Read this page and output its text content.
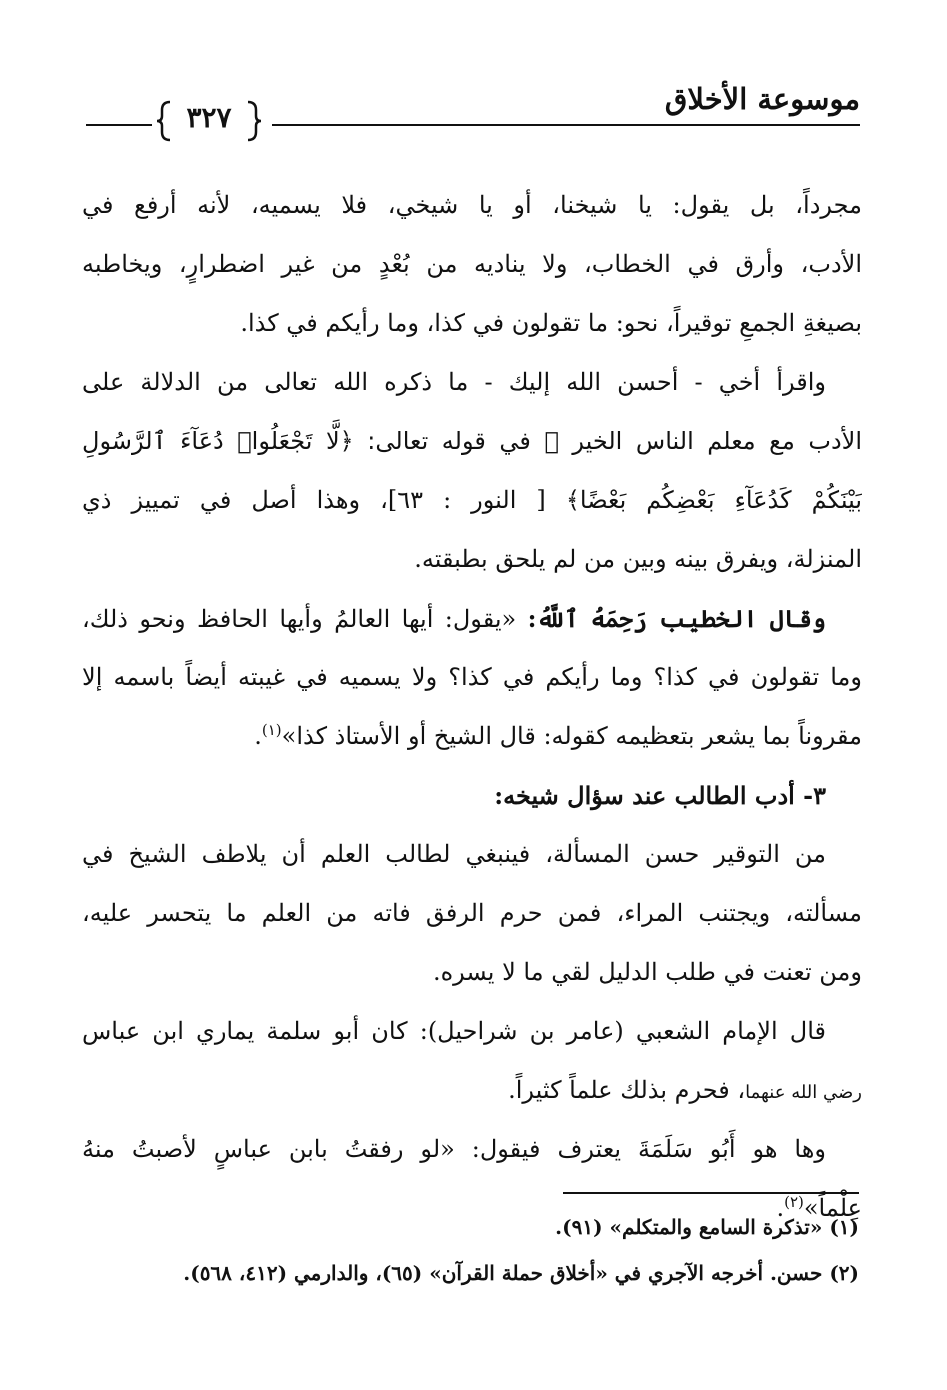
موسوعة الأخلاق
٣٢٧
مجرداً، بل يقول: يا شيخنا، أو يا شيخي، فلا يسميه، لأنه أرفع في
الأدب، وأرق في الخطاب، ولا يناديه من بُعْدٍ من غير اضطرارٍ، ويخاطبه
بصيغةِ الجمعِ توقيراً، نحو: ما تقولون في كذا، وما رأيكم في كذا.
واقرأ أخي - أحسن الله إليك - ما ذكره الله تعالى من الدلالة على
الأدب مع معلم الناس الخير ﷺ في قوله تعالى: ﴿لَّا تَجْعَلُوا۟ دُعَآءَ ٱلرَّسُولِ
بَيْنَكُمْ كَدُعَآءِ بَعْضِكُم بَعْضًا﴾ [ النور : ٦٣]، وهذا أصل في تمييز ذي
المنزلة، ويفرق بينه وبين من لم يلحق بطبقته.
وقال الخطيب رَحِمَهُ ٱللَّهُ: «يقول: أيها العالمُ وأيها الحافظ ونحو ذلك،
وما تقولون في كذا؟ وما رأيكم في كذا؟ ولا يسميه في غيبته أيضاً باسمه إلا
مقروناً بما يشعر بتعظيمه كقوله: قال الشيخ أو الأستاذ كذا»$^{(١)}$.
٣- أدب الطالب عند سؤال شيخه:
من التوقير حسن المسألة، فينبغي لطالب العلم أن يلاطف الشيخ في
مسألته، ويجتنب المراء، فمن حرم الرفق فاته من العلم ما يتحسر عليه،
ومن تعنت في طلب الدليل لقي ما لا يسره.
قال الإمام الشعبي (عامر بن شراحيل): كان أبو سلمة يماري ابن عباس
رضي الله عنهما، فحرم بذلك علماً كثيراً.
وها هو أَبُو سَلَمَةَ يعترف فيقول: «لو رفقتُ بابن عباسٍ لأصبتُ منهُ
عِلْماً»$^{(٢)}$.
(١) «تذكرة السامع والمتكلم» (٩١).
(٢) حسن. أخرجه الآجري في «أخلاق حملة القرآن» (٦٥)، والدارمي (٤١٢، ٥٦٨).
